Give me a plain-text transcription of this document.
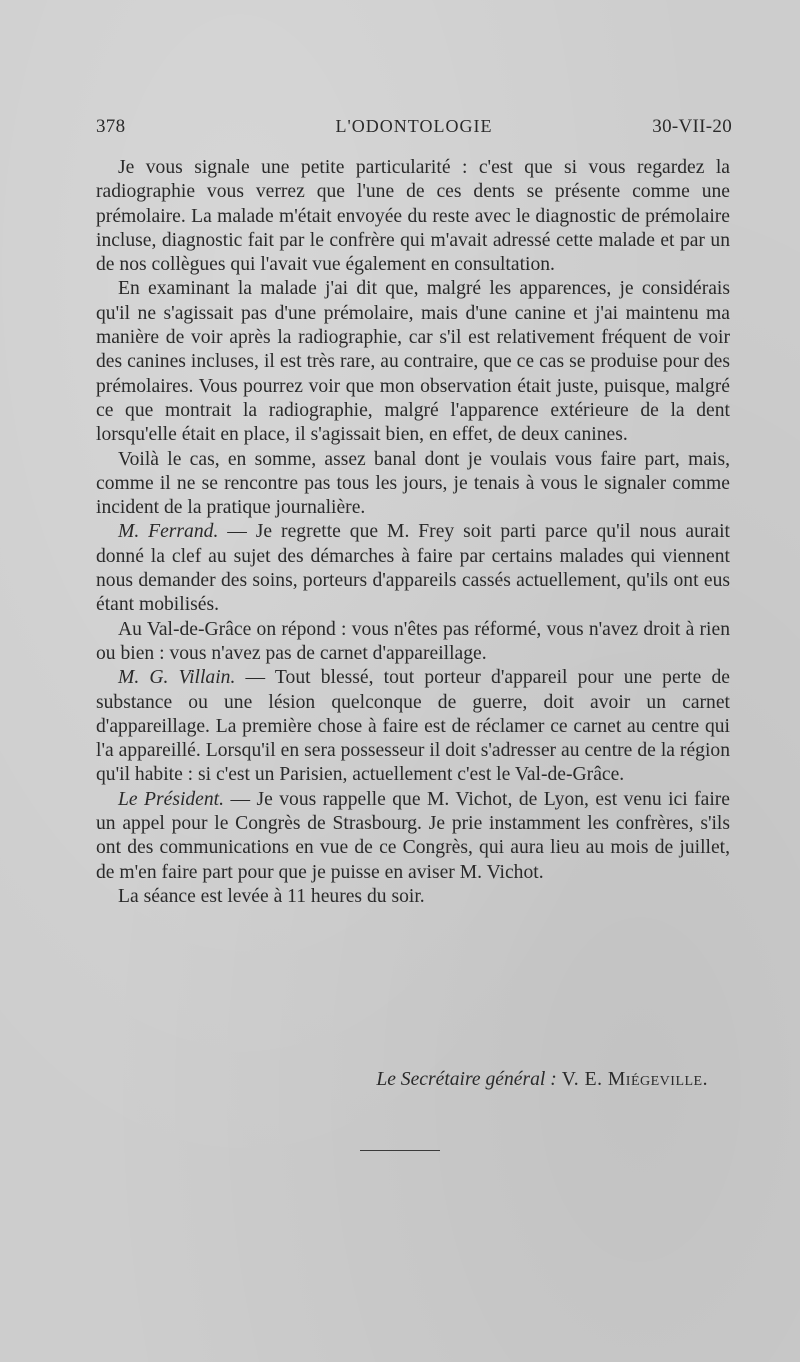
378	L'ODONTOLOGIE	30-VII-20

Je vous signale une petite particularité : c'est que si vous regardez la radiographie vous verrez que l'une de ces dents se présente comme une prémolaire. La malade m'était envoyée du reste avec le diagnostic de prémolaire incluse, diagnostic fait par le confrère qui m'avait adressé cette malade et par un de nos collègues qui l'avait vue également en consultation.

En examinant la malade j'ai dit que, malgré les apparences, je considérais qu'il ne s'agissait pas d'une prémolaire, mais d'une canine et j'ai maintenu ma manière de voir après la radiographie, car s'il est relativement fréquent de voir des canines incluses, il est très rare, au contraire, que ce cas se produise pour des prémolaires. Vous pourrez voir que mon observation était juste, puisque, malgré ce que montrait la radiographie, malgré l'apparence extérieure de la dent lorsqu'elle était en place, il s'agissait bien, en effet, de deux canines.

Voilà le cas, en somme, assez banal dont je voulais vous faire part, mais, comme il ne se rencontre pas tous les jours, je tenais à vous le signaler comme incident de la pratique journalière.

M. Ferrand. — Je regrette que M. Frey soit parti parce qu'il nous aurait donné la clef au sujet des démarches à faire par certains malades qui viennent nous demander des soins, porteurs d'appareils cassés actuellement, qu'ils ont eus étant mobilisés.

Au Val-de-Grâce on répond : vous n'êtes pas réformé, vous n'avez droit à rien ou bien : vous n'avez pas de carnet d'appareillage.

M. G. Villain. — Tout blessé, tout porteur d'appareil pour une perte de substance ou une lésion quelconque de guerre, doit avoir un carnet d'appareillage. La première chose à faire est de réclamer ce carnet au centre qui l'a appareillé. Lorsqu'il en sera possesseur il doit s'adresser au centre de la région qu'il habite : si c'est un Parisien, actuellement c'est le Val-de-Grâce.

Le Président. — Je vous rappelle que M. Vichot, de Lyon, est venu ici faire un appel pour le Congrès de Strasbourg. Je prie instamment les confrères, s'ils ont des communications en vue de ce Congrès, qui aura lieu au mois de juillet, de m'en faire part pour que je puisse en aviser M. Vichot.

La séance est levée à 11 heures du soir.

Le Secrétaire général : V. E. Miégeville.
